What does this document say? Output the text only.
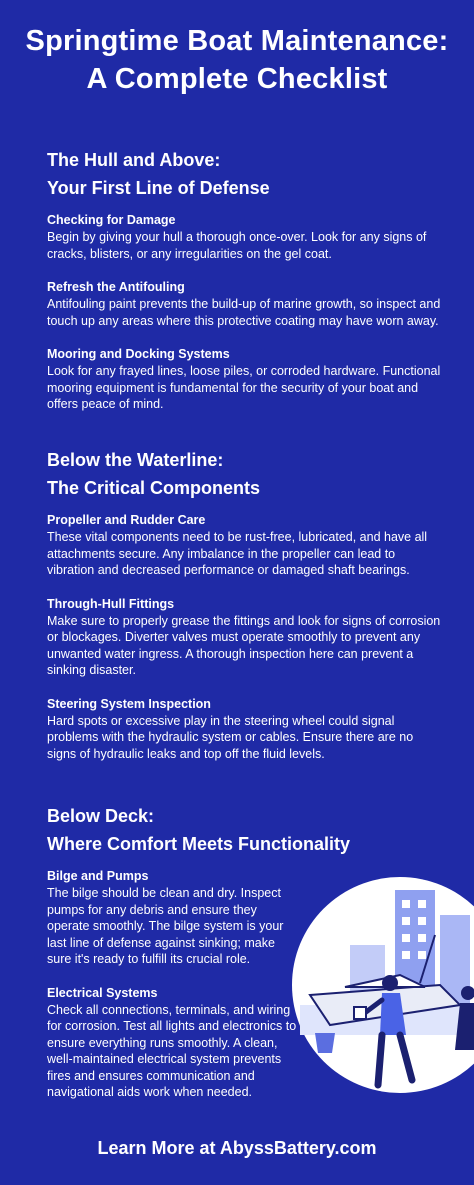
Springtime Boat Maintenance:
A Complete Checklist
The Hull and Above:
Your First Line of Defense
Checking for Damage
Begin by giving your hull a thorough once-over. Look for any signs of cracks, blisters, or any irregularities on the gel coat.
Refresh the Antifouling
Antifouling paint prevents the build-up of marine growth, so inspect and touch up any areas where this protective coating may have worn away.
Mooring and Docking Systems
Look for any frayed lines, loose piles, or corroded hardware. Functional mooring equipment is fundamental for the security of your boat and offers peace of mind.
Below the Waterline:
The Critical Components
Propeller and Rudder Care
These vital components need to be rust-free, lubricated, and have all attachments secure. Any imbalance in the propeller can lead to vibration and decreased performance or damaged shaft bearings.
Through-Hull Fittings
Make sure to properly grease the fittings and look for signs of corrosion or blockages. Diverter valves must operate smoothly to prevent any unwanted water ingress. A thorough inspection here can prevent a sinking disaster.
Steering System Inspection
Hard spots or excessive play in the steering wheel could signal problems with the hydraulic system or cables. Ensure there are no signs of hydraulic leaks and top off the fluid levels.
Below Deck:
Where Comfort Meets Functionality
Bilge and Pumps
The bilge should be clean and dry. Inspect pumps for any debris and ensure they operate smoothly. The bilge system is your last line of defense against sinking; make sure it's ready to fulfill its crucial role.
Electrical Systems
Check all connections, terminals, and wiring for corrosion. Test all lights and electronics to ensure everything runs smoothly. A clean, well-maintained electrical system prevents fires and ensures communication and navigational aids work when needed.
Learn More at AbyssBattery.com
